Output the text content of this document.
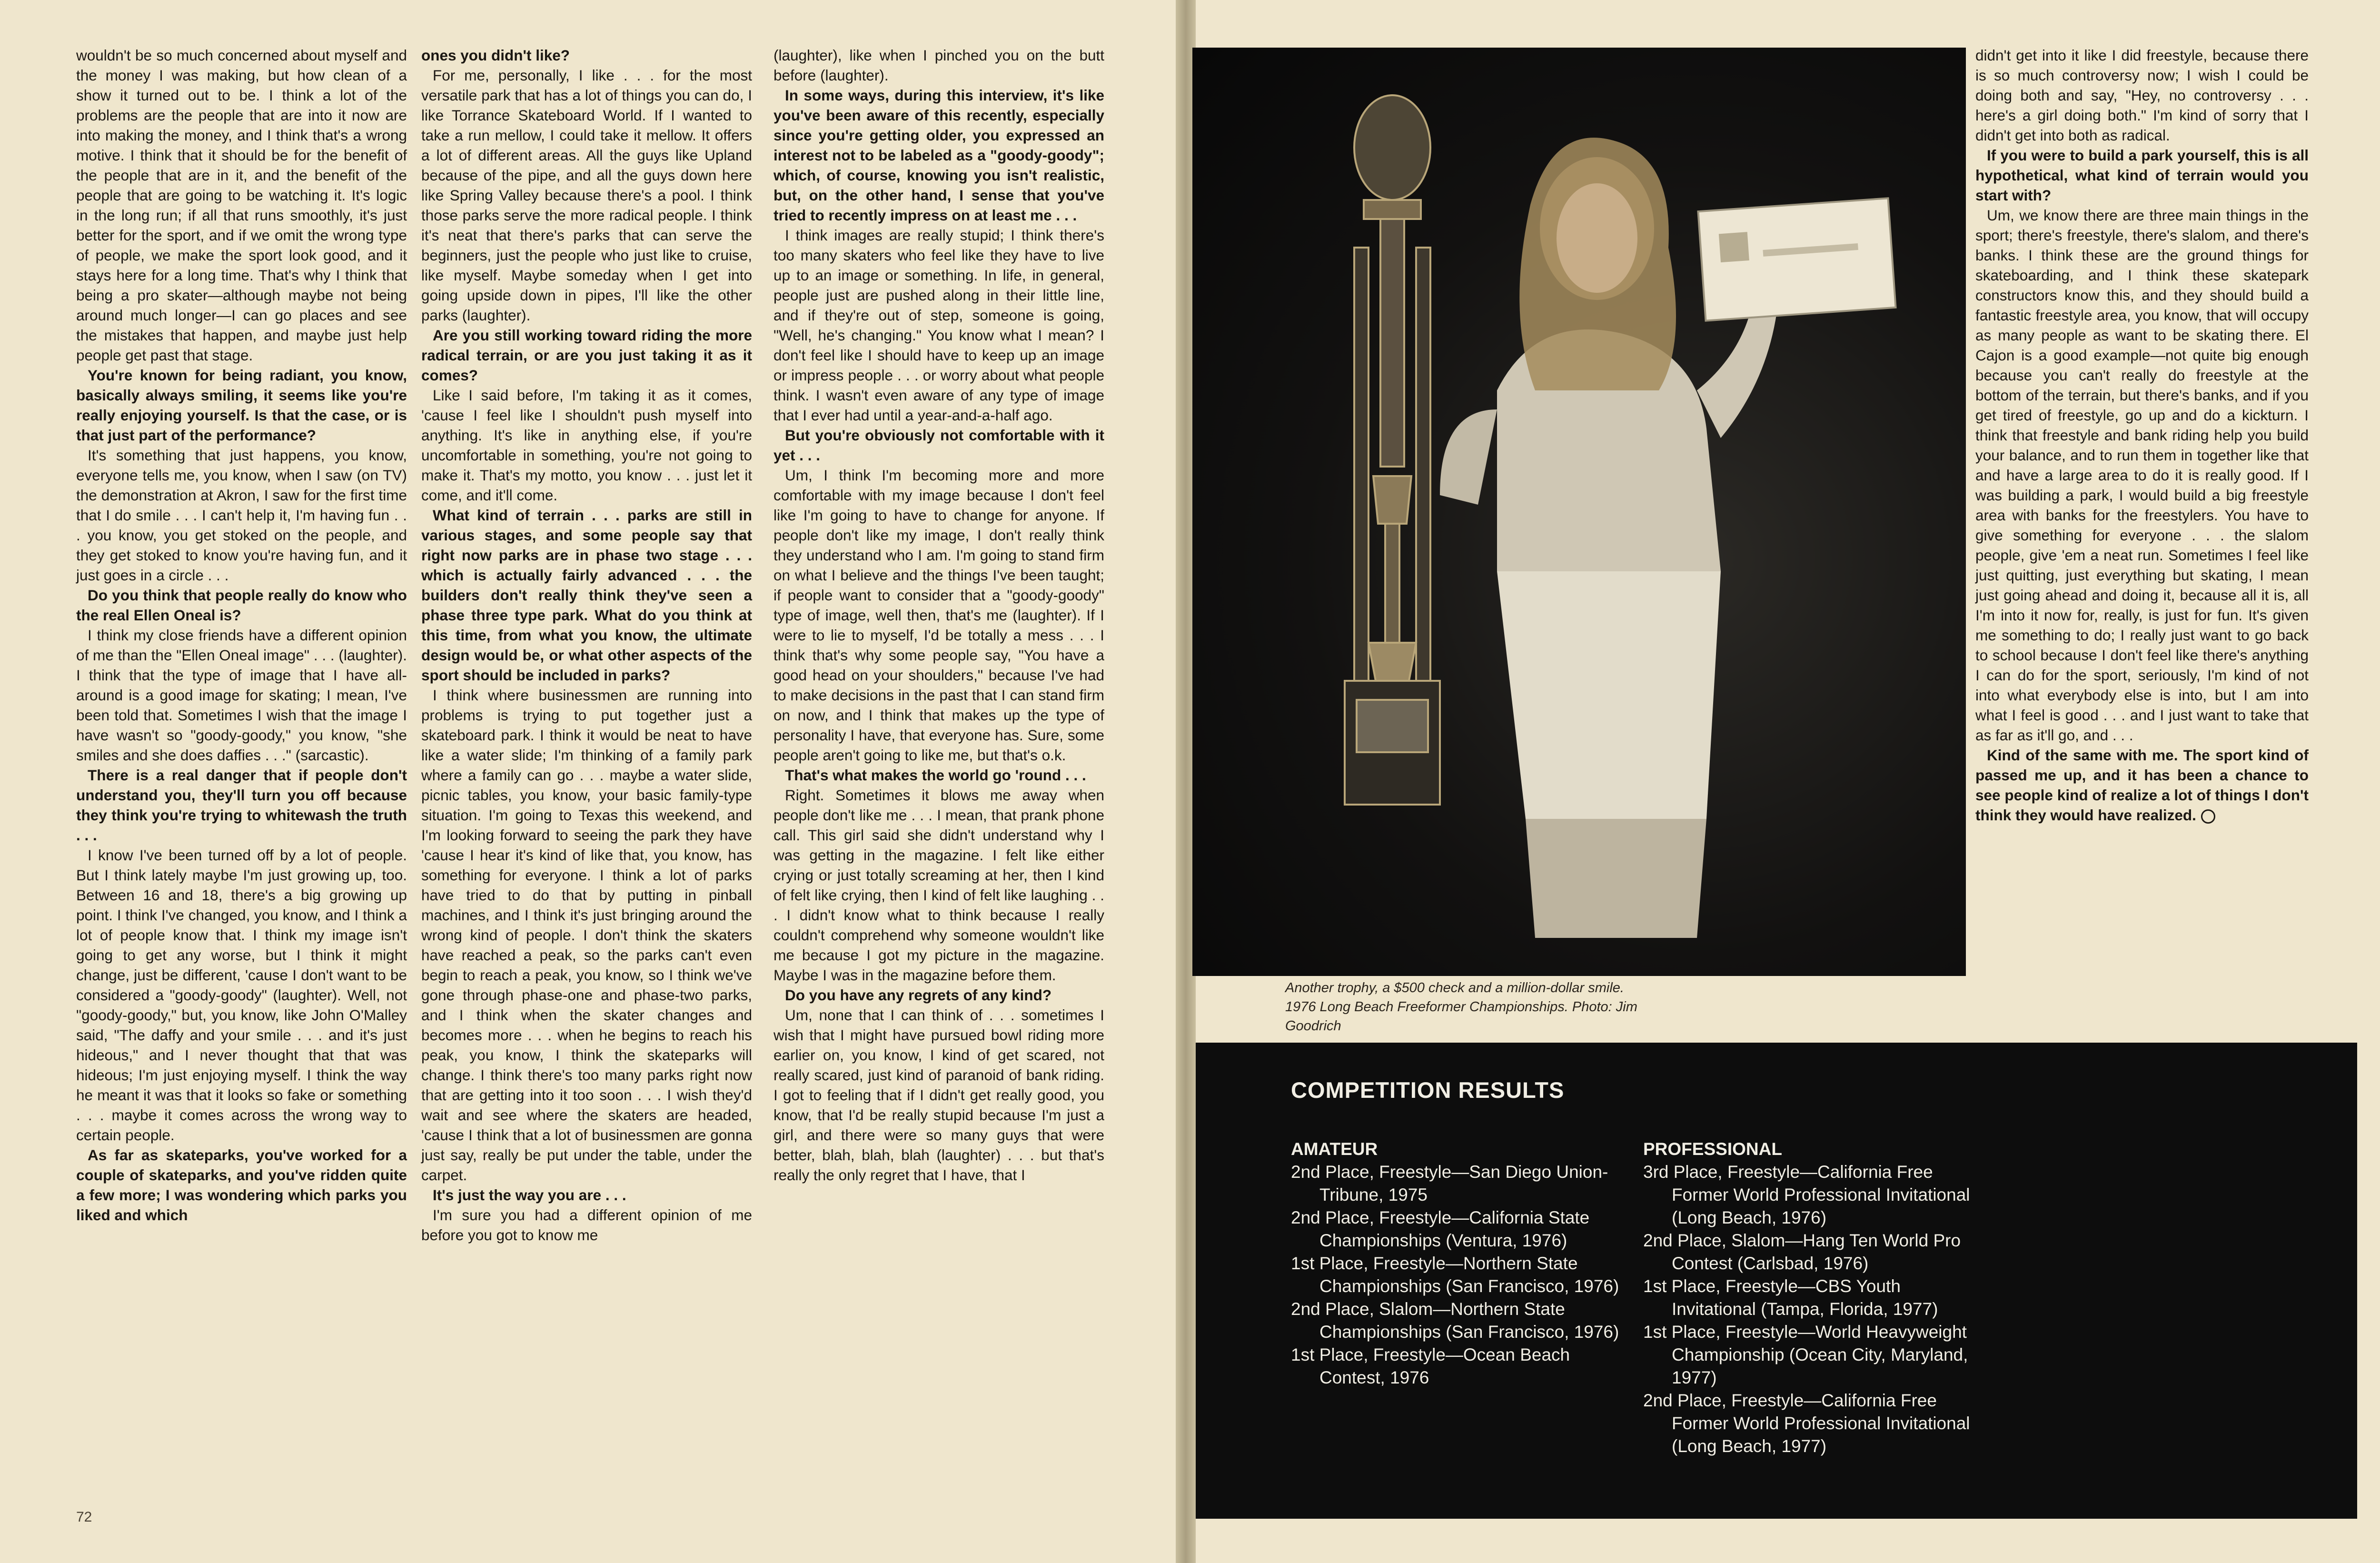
wouldn't be so much concerned about myself and the money I was making, but how clean of a show it turned out to be. I think a lot of the problems are the people that are into it now are into making the money, and I think that's a wrong motive. I think that it should be for the benefit of the people that are in it, and the benefit of the people that are going to be watching it. It's logic in the long run; if all that runs smoothly, it's just better for the sport, and if we omit the wrong type of people, we make the sport look good, and it stays here for a long time. That's why I think that being a pro skater—although maybe not being around much longer—I can go places and see the mistakes that happen, and maybe just help people get past that stage.

You're known for being radiant, you know, basically always smiling, it seems like you're really enjoying yourself. Is that the case, or is that just part of the performance?

It's something that just happens, you know, everyone tells me, you know, when I saw (on TV) the demonstration at Akron, I saw for the first time that I do smile . . . I can't help it, I'm having fun . . . you know, you get stoked on the people, and they get stoked to know you're having fun, and it just goes in a circle . . .

Do you think that people really do know who the real Ellen Oneal is?

I think my close friends have a different opinion of me than the "Ellen Oneal image" . . . (laughter). I think that the type of image that I have all-around is a good image for skating; I mean, I've been told that. Sometimes I wish that the image I have wasn't so "goody-goody," you know, "she smiles and she does daffies . . ." (sarcastic).

There is a real danger that if people don't understand you, they'll turn you off because they think you're trying to whitewash the truth . . .

I know I've been turned off by a lot of people. But I think lately maybe I'm just growing up, too. Between 16 and 18, there's a big growing up point. I think I've changed, you know, and I think a lot of people know that. I think my image isn't going to get any worse, but I think it might change, just be different, 'cause I don't want to be considered a "goody-goody" (laughter). Well, not "goody-goody," but, you know, like John O'Malley said, "The daffy and your smile . . . and it's just hideous," and I never thought that that was hideous; I'm just enjoying myself. I think the way he meant it was that it looks so fake or something . . . maybe it comes across the wrong way to certain people.

As far as skateparks, you've worked for a couple of skateparks, and you've ridden quite a few more; I was wondering which parks you liked and which

ones you didn't like?

For me, personally, I like . . . for the most versatile park that has a lot of things you can do, I like Torrance Skateboard World. If I wanted to take a run mellow, I could take it mellow. It offers a lot of different areas. All the guys like Upland because of the pipe, and all the guys down here like Spring Valley because there's a pool. I think those parks serve the more radical people. I think it's neat that there's parks that can serve the beginners, just the people who just like to cruise, like myself. Maybe someday when I get into going upside down in pipes, I'll like the other parks (laughter).

Are you still working toward riding the more radical terrain, or are you just taking it as it comes?

Like I said before, I'm taking it as it comes, 'cause I feel like I shouldn't push myself into anything. It's like in anything else, if you're uncomfortable in something, you're not going to make it. That's my motto, you know . . . just let it come, and it'll come.

What kind of terrain . . . parks are still in various stages, and some people say that right now parks are in phase two stage . . . which is actually fairly advanced . . . the builders don't really think they've seen a phase three type park. What do you think at this time, from what you know, the ultimate design would be, or what other aspects of the sport should be included in parks?

I think where businessmen are running into problems is trying to put together just a skateboard park. I think it would be neat to have like a water slide; I'm thinking of a family park where a family can go . . . maybe a water slide, picnic tables, you know, your basic family-type situation. I'm going to Texas this weekend, and I'm looking forward to seeing the park they have 'cause I hear it's kind of like that, you know, has something for everyone. I think a lot of parks have tried to do that by putting in pinball machines, and I think it's just bringing around the wrong kind of people. I don't think the skaters have reached a peak, so the parks can't even begin to reach a peak, you know, so I think we've gone through phase-one and phase-two parks, and I think when the skater changes and becomes more . . . when he begins to reach his peak, you know, I think the skateparks will change. I think there's too many parks right now that are getting into it too soon . . . I wish they'd wait and see where the skaters are headed, 'cause I think that a lot of businessmen are gonna just say, really be put under the table, under the carpet.

It's just the way you are . . .

I'm sure you had a different opinion of me before you got to know me

(laughter), like when I pinched you on the butt before (laughter).

In some ways, during this interview, it's like you've been aware of this recently, especially since you're getting older, you expressed an interest not to be labeled as a "goody-goody"; which, of course, knowing you isn't realistic, but, on the other hand, I sense that you've tried to recently impress on at least me . . .

I think images are really stupid; I think there's too many skaters who feel like they have to live up to an image or something. In life, in general, people just are pushed along in their little line, and if they're out of step, someone is going, "Well, he's changing." You know what I mean? I don't feel like I should have to keep up an image or impress people . . . or worry about what people think. I wasn't even aware of any type of image that I ever had until a year-and-a-half ago.

But you're obviously not comfortable with it yet . . .

Um, I think I'm becoming more and more comfortable with my image because I don't feel like I'm going to have to change for anyone. If people don't like my image, I don't really think they understand who I am. I'm going to stand firm on what I believe and the things I've been taught; if people want to consider that a "goody-goody" type of image, well then, that's me (laughter). If I were to lie to myself, I'd be totally a mess . . . I think that's why some people say, "You have a good head on your shoulders," because I've had to make decisions in the past that I can stand firm on now, and I think that makes up the type of personality I have, that everyone has. Sure, some people aren't going to like me, but that's o.k.

That's what makes the world go 'round . . .

Right. Sometimes it blows me away when people don't like me . . . I mean, that prank phone call. This girl said she didn't understand why I was getting in the magazine. I felt like either crying or just totally screaming at her, then I kind of felt like crying, then I kind of felt like laughing . . . I didn't know what to think because I really couldn't comprehend why someone wouldn't like me because I got my picture in the magazine. Maybe I was in the magazine before them.

Do you have any regrets of any kind?

Um, none that I can think of . . . sometimes I wish that I might have pursued bowl riding more earlier on, you know, I kind of get scared, not really scared, just kind of paranoid of bank riding. I got to feeling that if I didn't get really good, you know, that I'd be really stupid because I'm just a girl, and there were so many guys that were better, blah, blah, blah (laughter) . . . but that's really the only regret that I have, that I

didn't get into it like I did freestyle, because there is so much controversy now; I wish I could be doing both and say, "Hey, no controversy . . . here's a girl doing both." I'm kind of sorry that I didn't get into both as radical.

If you were to build a park yourself, this is all hypothetical, what kind of terrain would you start with?

Um, we know there are three main things in the sport; there's freestyle, there's slalom, and there's banks. I think these are the ground things for skateboarding, and I think these skatepark constructors know this, and they should build a fantastic freestyle area, you know, that will occupy as many people as want to be skating there. El Cajon is a good example—not quite big enough because you can't really do freestyle at the bottom of the terrain, but there's banks, and if you get tired of freestyle, go up and do a kickturn. I think that freestyle and bank riding help you build your balance, and to run them in together like that and have a large area to do it is really good. If I was building a park, I would build a big freestyle area with banks for the freestylers. You have to give something for everyone . . . the slalom people, give 'em a neat run. Sometimes I feel like just quitting, just everything but skating, I mean just going ahead and doing it, because all it is, all I'm into it now for, really, is just for fun. It's given me something to do; I really just want to go back to school because I don't feel like there's anything I can do for the sport, seriously, I'm kind of not into what everybody else is into, but I am into what I feel is good . . . and I just want to take that as far as it'll go, and . . .

Kind of the same with me. The sport kind of passed me up, and it has been a chance to see people kind of realize a lot of things I don't think they would have realized.

72
Another trophy, a $500 check and a million-dollar smile. 1976 Long Beach Freeformer Championships. Photo: Jim Goodrich
COMPETITION RESULTS
AMATEUR
2nd Place, Freestyle—San Diego Union-Tribune, 1975
2nd Place, Freestyle—California State Championships (Ventura, 1976)
1st Place, Freestyle—Northern State Championships (San Francisco, 1976)
2nd Place, Slalom—Northern State Championships (San Francisco, 1976)
1st Place, Freestyle—Ocean Beach Contest, 1976
PROFESSIONAL
3rd Place, Freestyle—California Free Former World Professional Invitational (Long Beach, 1976)
2nd Place, Slalom—Hang Ten World Pro Contest (Carlsbad, 1976)
1st Place, Freestyle—CBS Youth Invitational (Tampa, Florida, 1977)
1st Place, Freestyle—World Heavyweight Championship (Ocean City, Maryland, 1977)
2nd Place, Freestyle—California Free Former World Professional Invitational (Long Beach, 1977)
